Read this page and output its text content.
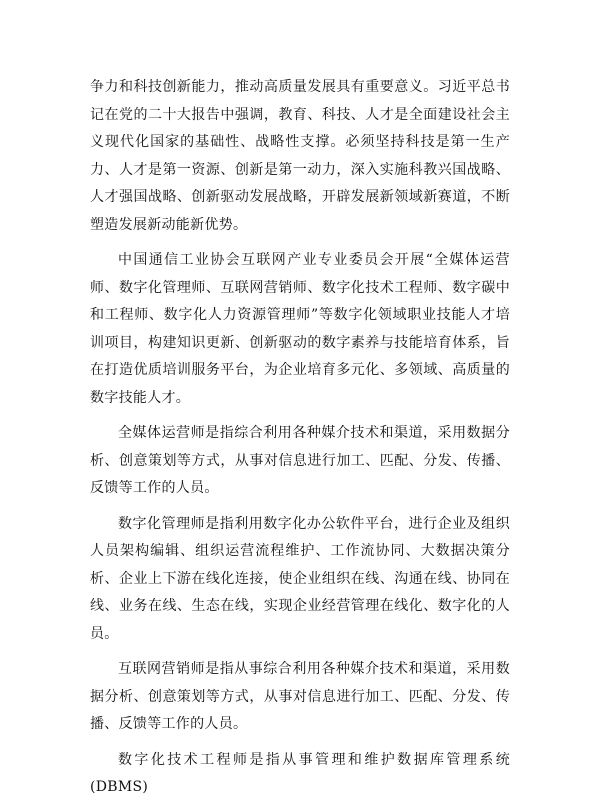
争力和科技创新能力，推动高质量发展具有重要意义。习近平总书记在党的二十大报告中强调，教育、科技、人才是全面建设社会主义现代化国家的基础性、战略性支撑。必须坚持科技是第一生产力、人才是第一资源、创新是第一动力，深入实施科教兴国战略、人才强国战略、创新驱动发展战略，开辟发展新领域新赛道，不断塑造发展新动能新优势。

中国通信工业协会互联网产业专业委员会开展“全媒体运营师、数字化管理师、互联网营销师、数字化技术工程师、数字碳中和工程师、数字化人力资源管理师”等数字化领域职业技能人才培训项目，构建知识更新、创新驱动的数字素养与技能培育体系，旨在打造优质培训服务平台，为企业培育多元化、多领域、高质量的数字技能人才。

全媒体运营师是指综合利用各种媒介技术和渠道，采用数据分析、创意策划等方式，从事对信息进行加工、匹配、分发、传播、反馈等工作的人员。

数字化管理师是指利用数字化办公软件平台，进行企业及组织人员架构编辑、组织运营流程维护、工作流协同、大数据决策分析、企业上下游在线化连接，使企业组织在线、沟通在线、协同在线、业务在线、生态在线，实现企业经营管理在线化、数字化的人员。

互联网营销师是指从事综合利用各种媒介技术和渠道，采用数据分析、创意策划等方式，从事对信息进行加工、匹配、分发、传播、反馈等工作的人员。

数字化技术工程师是指从事管理和维护数据库管理系统(DBMS)
